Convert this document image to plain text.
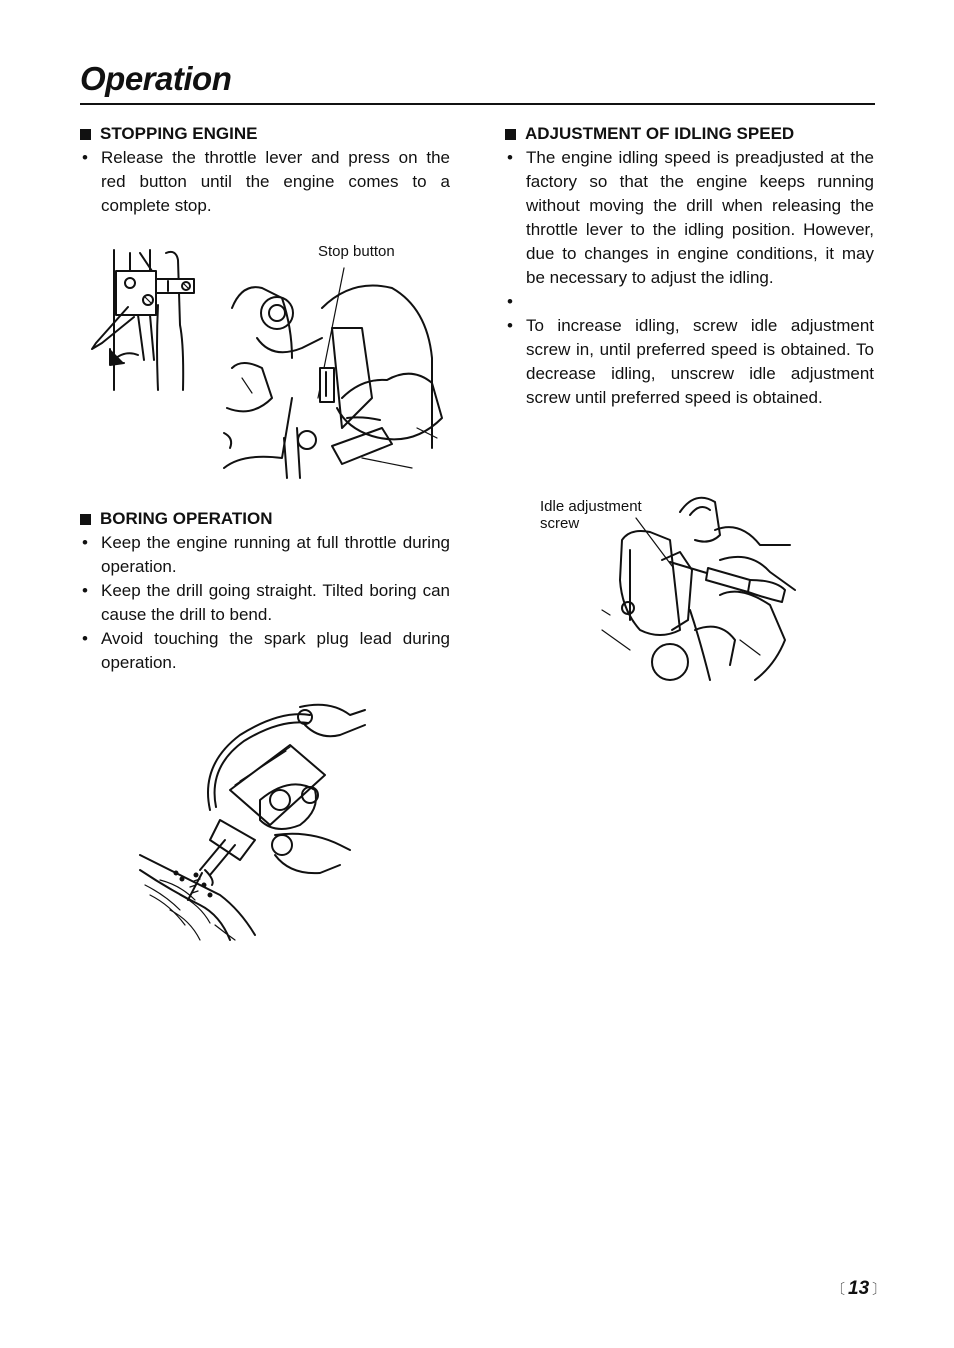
Operation

STOPPING ENGINE

• Release the throttle lever and press on the red button until the engine comes to a complete stop.
Stop button

BORING OPERATION

• Keep the engine running at full throttle during operation.
• Keep the drill going straight. Tilted boring can cause the drill to bend.
• Avoid touching the spark plug lead during operation.

ADJUSTMENT OF IDLING SPEED

• The engine idling speed is preadjusted at the factory so that the engine keeps running without moving the drill when releasing the throttle lever to the idling position. However, due to changes in engine conditions, it may be necessary to adjust the idling.
•
• To increase idling, screw idle adjustment screw in, until preferred speed is obtained. To decrease idling, unscrew idle adjustment screw until preferred speed is obtained.
Idle adjustment
screw
〔 13 〕
